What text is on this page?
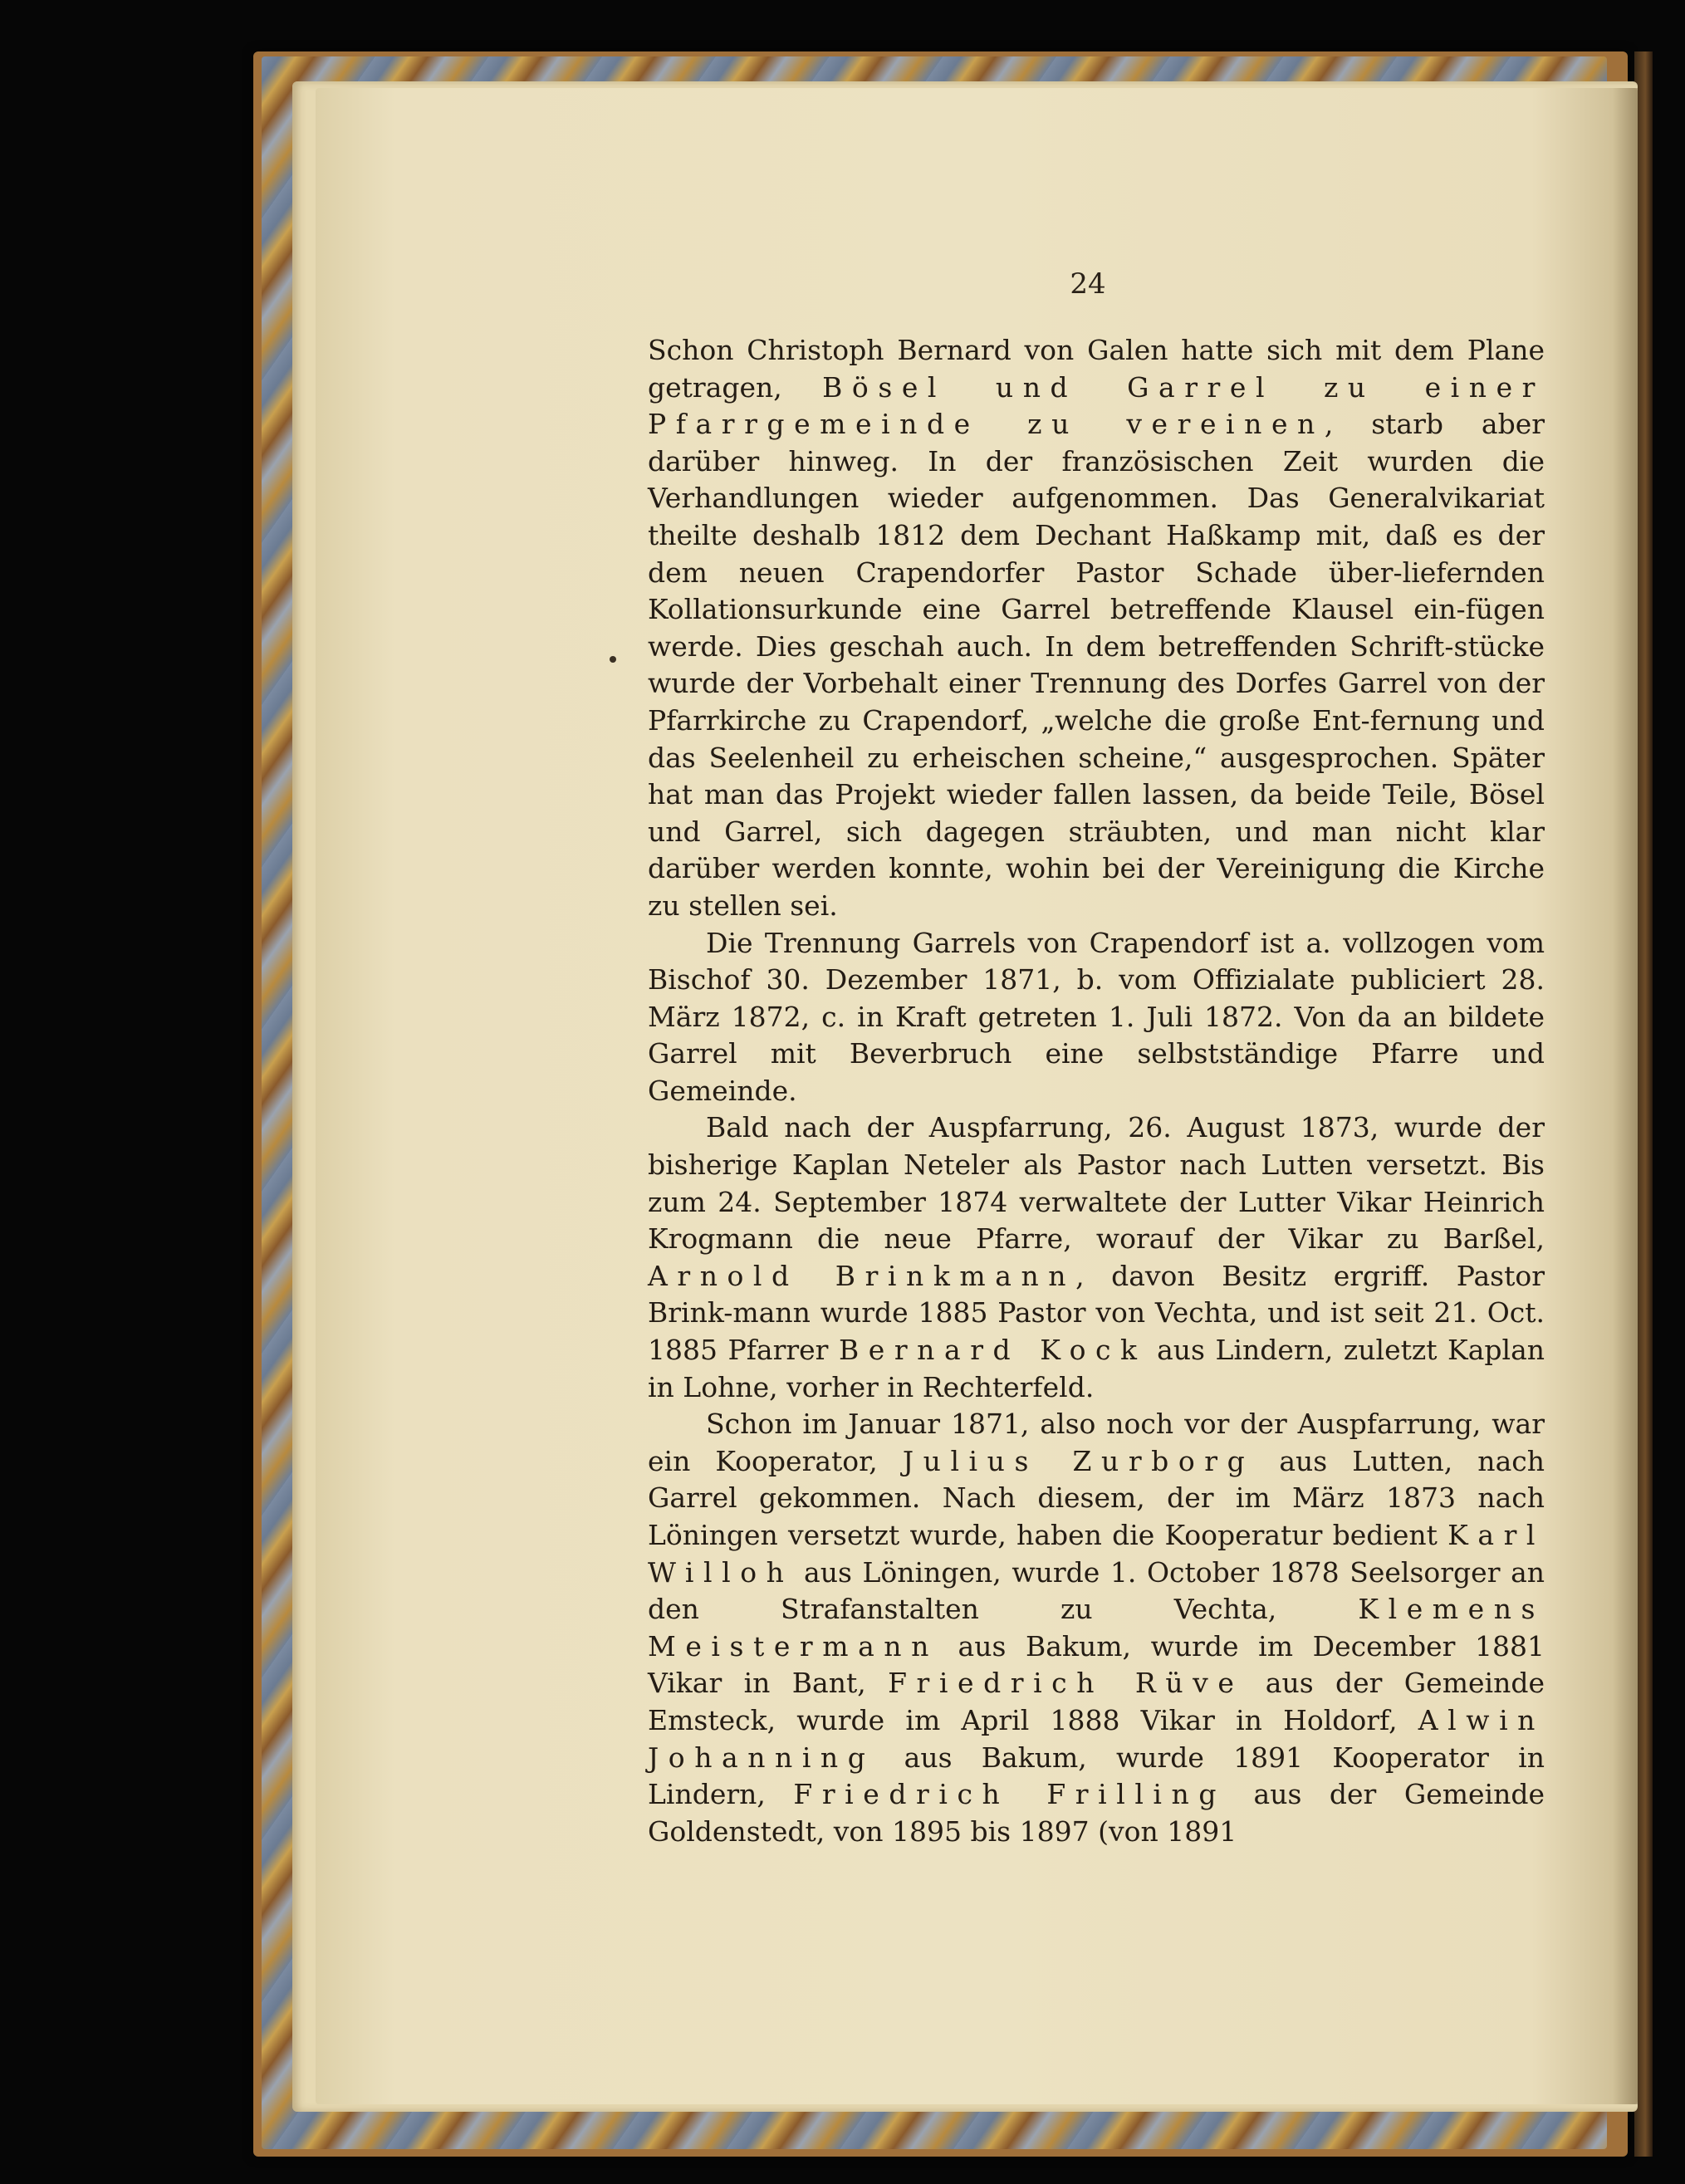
24

Schon Christoph Bernard von Galen hatte sich mit dem Plane getragen, Bösel und Garrel zu einer Pfarrgemeinde zu vereinen, starb aber darüber hinweg. In der französischen Zeit wurden die Verhandlungen wieder aufgenommen. Das Generalvikariat theilte deshalb 1812 dem Dechant Haßkamp mit, daß es der dem neuen Crapendorfer Pastor Schade über-liefernden Kollationsurkunde eine Garrel betreffende Klausel ein-fügen werde. Dies geschah auch. In dem betreffenden Schrift-stücke wurde der Vorbehalt einer Trennung des Dorfes Garrel von der Pfarrkirche zu Crapendorf, „welche die große Ent-fernung und das Seelenheil zu erheischen scheine,“ ausgesprochen. Später hat man das Projekt wieder fallen lassen, da beide Teile, Bösel und Garrel, sich dagegen sträubten, und man nicht klar darüber werden konnte, wohin bei der Vereinigung die Kirche zu stellen sei.

Die Trennung Garrels von Crapendorf ist a. vollzogen vom Bischof 30. Dezember 1871, b. vom Offizialate publiciert 28. März 1872, c. in Kraft getreten 1. Juli 1872. Von da an bildete Garrel mit Beverbruch eine selbstständige Pfarre und Gemeinde.

Bald nach der Auspfarrung, 26. August 1873, wurde der bisherige Kaplan Neteler als Pastor nach Lutten versetzt. Bis zum 24. September 1874 verwaltete der Lutter Vikar Heinrich Krogmann die neue Pfarre, worauf der Vikar zu Barßel, Arnold Brinkmann, davon Besitz ergriff. Pastor Brink-mann wurde 1885 Pastor von Vechta, und ist seit 21. Oct. 1885 Pfarrer Bernard Kock aus Lindern, zuletzt Kaplan in Lohne, vorher in Rechterfeld.

Schon im Januar 1871, also noch vor der Auspfarrung, war ein Kooperator, Julius Zurborg aus Lutten, nach Garrel gekommen. Nach diesem, der im März 1873 nach Löningen versetzt wurde, haben die Kooperatur bedient Karl Willoh aus Löningen, wurde 1. October 1878 Seelsorger an den Strafanstalten zu Vechta, Klemens Meistermann aus Bakum, wurde im December 1881 Vikar in Bant, Friedrich Rüve aus der Gemeinde Emsteck, wurde im April 1888 Vikar in Holdorf, Alwin Johanning aus Bakum, wurde 1891 Kooperator in Lindern, Friedrich Frilling aus der Gemeinde Goldenstedt, von 1895 bis 1897 (von 1891
